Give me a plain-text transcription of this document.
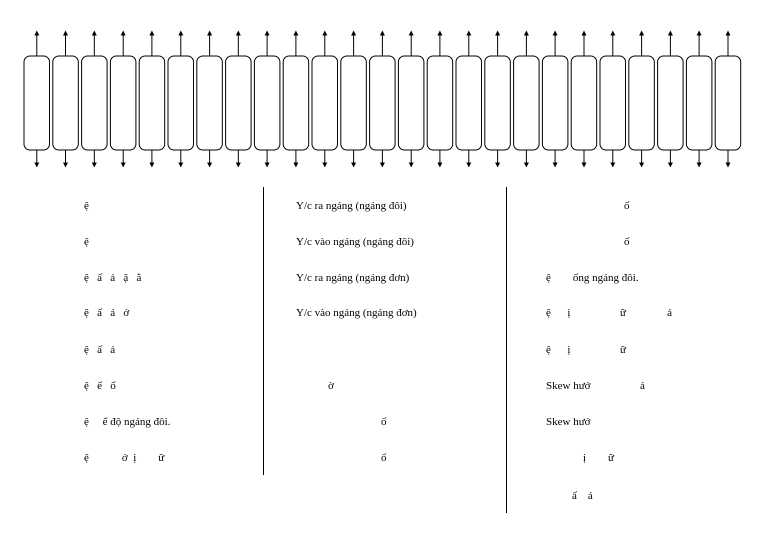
ệ
ệ
ệ   ấ   ả   ặ   ằ
ệ   ấ   ả   ở
ệ   ấ   ả
ệ   ế   ố
ệ     ể độ ngáng đôi.
ệ            ở  ị        ữ
Y/c ra ngáng (ngáng đôi)
Y/c vào ngáng (ngáng đôi)
Y/c ra ngáng (ngáng đơn)
Y/c vào ngáng (ngáng đơn)
ờ
ố
ố
ố
ố
ệ        ống ngáng đôi.
ệ      ị                  ữ               ả
ệ      ị                  ữ
Skew hướ                  ả
Skew hướ
ị        ữ
ấ    ả
